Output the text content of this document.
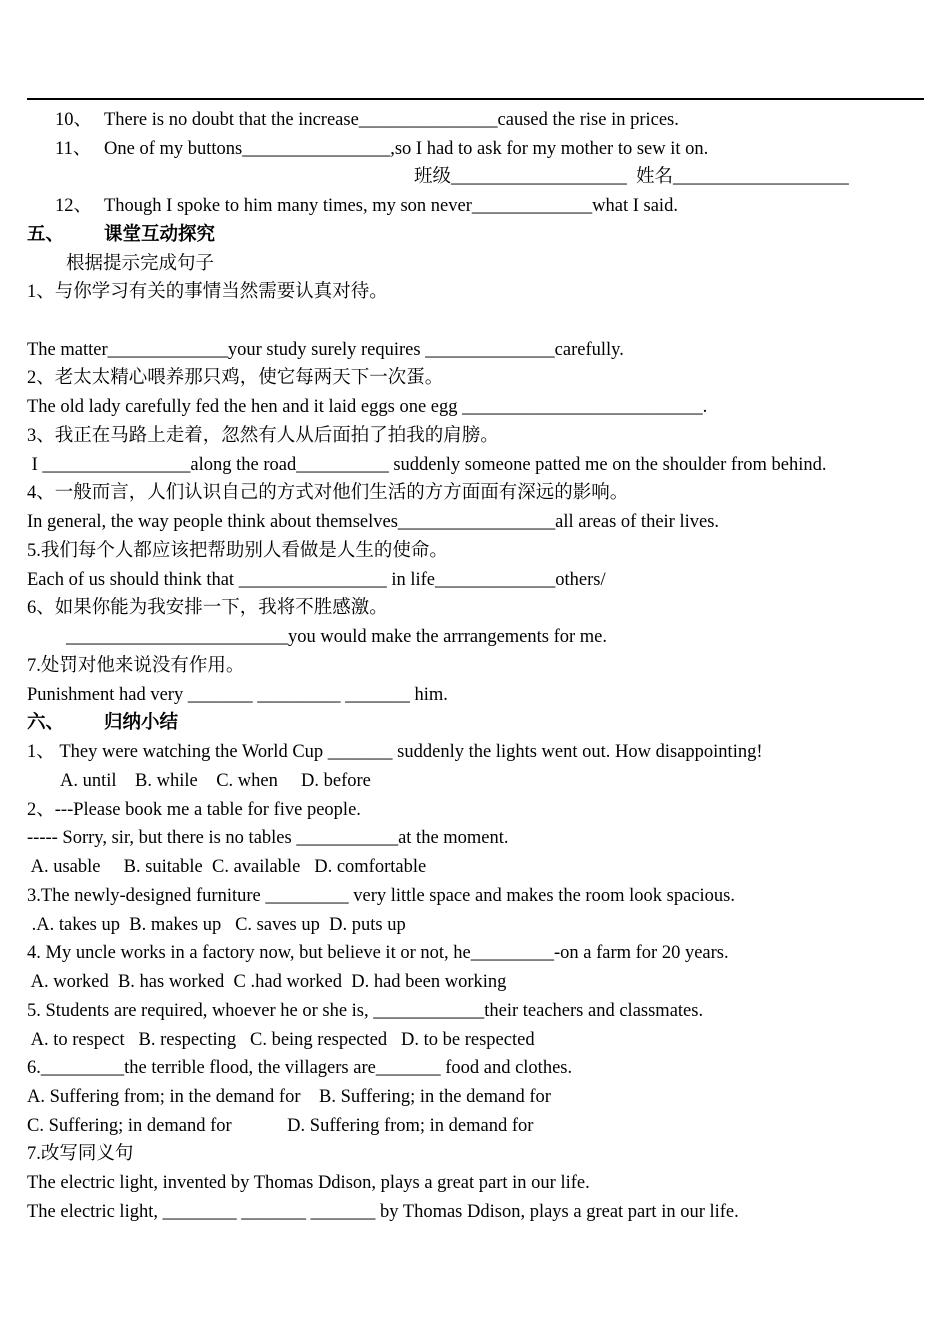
10、 There is no doubt that the increase_______________caused the rise in prices.
11、 One of my buttons________________,so I had to ask for my mother to sew it on.
班级___________________  姓名___________________
12、 Though I spoke to him many times, my son never_____________what I said.
五、 课堂互动探究
根据提示完成句子
1、与你学习有关的事情当然需要认真对待。
The matter_____________your study surely requires ______________carefully.
2、老太太精心喂养那只鸡，使它每两天下一次蛋。
The old lady carefully fed the hen and it laid eggs one egg __________________________.
3、我正在马路上走着，忽然有人从后面拍了拍我的肩膀。
I ________________along the road__________ suddenly someone patted me on the shoulder from behind.
4、一般而言，人们认识自己的方式对他们生活的方方面面有深远的影响。
In general, the way people think about themselves_________________all areas of their lives.
5.我们每个人都应该把帮助别人看做是人生的使命。
Each of us should think that ________________ in life_____________others/
6、如果你能为我安排一下，我将不胜感激。
________________________you would make the arrrangements for me.
7.处罚对他来说没有作用。
Punishment had very _______ _________ _______ him.
六、 归纳小结
1、 They were watching the World Cup _______ suddenly the lights went out. How disappointing!
A. until    B. while    C. when     D. before
2、---Please book me a table for five people.
----- Sorry, sir, but there is no tables ___________at the moment.
A. usable     B. suitable  C. available   D. comfortable
3.The newly-designed furniture _________ very little space and makes the room look spacious.
.A. takes up  B. makes up   C. saves up  D. puts up
4. My uncle works in a factory now, but believe it or not, he_________-on a farm for 20 years.
A. worked  B. has worked  C .had worked  D. had been working
5. Students are required, whoever he or she is, ____________their teachers and classmates.
A. to respect   B. respecting   C. being respected   D. to be respected
6._________the terrible flood, the villagers are_______ food and clothes.
A. Suffering from; in the demand for    B. Suffering; in the demand for
C. Suffering; in demand for            D. Suffering from; in demand for
7.改写同义句
The electric light, invented by Thomas Ddison, plays a great part in our life.
The electric light, ________ _______ _______ by Thomas Ddison, plays a great part in our life.
